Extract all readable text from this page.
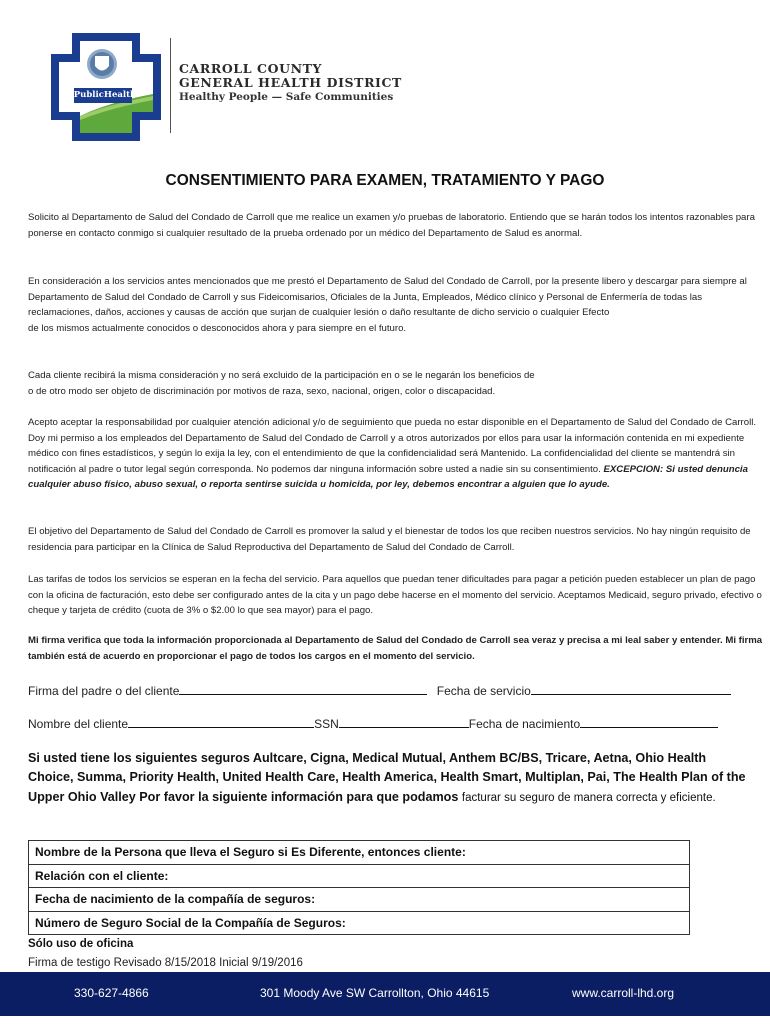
PublicHealth
CARROLL COUNTY
GENERAL HEALTH DISTRICT
Healthy People — Safe Communities
CONSENTIMIENTO PARA EXAMEN, TRATAMIENTO Y PAGO
Solicito al Departamento de Salud del Condado de Carroll que me realice un examen y/o pruebas de laboratorio. Entiendo que se harán todos los intentos razonables para ponerse en contacto conmigo si cualquier resultado de la prueba ordenado por un médico del Departamento de Salud es anormal.
En consideración a los servicios antes mencionados que me prestó el Departamento de Salud del Condado de Carroll, por la presente libero y descargar para siempre al Departamento de Salud del Condado de Carroll y sus Fideicomisarios, Oficiales de la Junta, Empleados, Médico clínico y Personal de Enfermería de todas las reclamaciones, daños, acciones y causas de acción que surjan de cualquier lesión o daño resultante de dicho servicio o cualquier Efecto
de los mismos actualmente conocidos o desconocidos ahora y para siempre en el futuro.
Cada cliente recibirá la misma consideración y no será excluido de la participación en o se le negarán los beneficios de
o de otro modo ser objeto de discriminación por motivos de raza, sexo, nacional, origen, color o discapacidad.
Acepto aceptar la responsabilidad por cualquier atención adicional y/o de seguimiento que pueda no estar disponible en el Departamento de Salud del Condado de Carroll. Doy mi permiso a los empleados del Departamento de Salud del Condado de Carroll y a otros autorizados por ellos para usar la información contenida en mi expediente médico con fines estadísticos, y según lo exija la ley, con el entendimiento de que la confidencialidad será Mantenido. La confidencialidad del cliente se mantendrá sin notificación al padre o tutor legal según corresponda. No podemos dar ninguna información sobre usted a nadie sin su consentimiento. EXCEPCION: Si usted denuncia cualquier abuso físico, abuso sexual, o reporta sentirse suicida u homicida, por ley, debemos encontrar a alguien que lo ayude.
El objetivo del Departamento de Salud del Condado de Carroll es promover la salud y el bienestar de todos los que reciben nuestros servicios. No hay ningún requisito de residencia para participar en la Clínica de Salud Reproductiva del Departamento de Salud del Condado de Carroll.
Las tarifas de todos los servicios se esperan en la fecha del servicio. Para aquellos que puedan tener dificultades para pagar a petición pueden establecer un plan de pago con la oficina de facturación, esto debe ser configurado antes de la cita y un pago debe hacerse en el momento del servicio. Aceptamos Medicaid, seguro privado, efectivo o cheque y tarjeta de crédito (cuota de 3% o $2.00 lo que sea mayor) para el pago.
Mi firma verifica que toda la información proporcionada al Departamento de Salud del Condado de Carroll sea veraz y precisa a mi leal saber y entender. Mi firma también está de acuerdo en proporcionar el pago de todos los cargos en el momento del servicio.
Firma del padre o del cliente	Fecha de servicio
Nombre del cliente	SSN	Fecha de nacimiento
Si usted tiene los siguientes seguros Aultcare, Cigna, Medical Mutual, Anthem BC/BS, Tricare, Aetna, Ohio Health Choice, Summa, Priority Health, United Health Care, Health America, Health Smart, Multiplan, Pai, The Health Plan of the Upper Ohio Valley Por favor la siguiente información para que podamos facturar su seguro de manera correcta y eficiente.
Nombre de la Persona que lleva el Seguro si Es Diferente, entonces cliente:
Relación con el cliente:
Fecha de nacimiento de la compañía de seguros:
Número de Seguro Social de la Compañía de Seguros:
Sólo uso de oficina
Firma de testigo Revisado 8/15/2018 Inicial 9/19/2016
330-627-4866	301 Moody Ave SW Carrollton, Ohio 44615	www.carroll-lhd.org
